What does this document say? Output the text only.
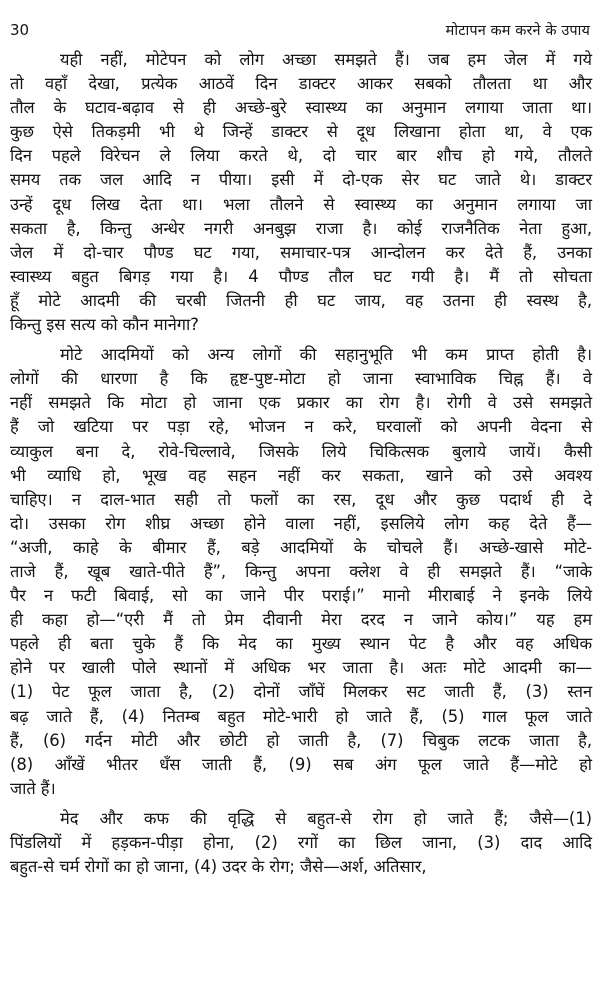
30	मोटापन कम करने के उपाय
यही नहीं, मोटेपन को लोग अच्छा समझते हैं। जब हम जेल में गये
तो वहाँ देखा, प्रत्येक आठवें दिन डाक्टर आकर सबको तौलता था और
तौल के घटाव-बढ़ाव से ही अच्छे-बुरे स्वास्थ्य का अनुमान लगाया जाता था।
कुछ ऐसे तिकड़मी भी थे जिन्हें डाक्टर से दूध लिखाना होता था, वे एक
दिन पहले विरेचन ले लिया करते थे, दो चार बार शौच हो गये, तौलते
समय तक जल आदि न पीया। इसी में दो-एक सेर घट जाते थे। डाक्टर
उन्हें दूध लिख देता था। भला तौलने से स्वास्थ्य का अनुमान लगाया जा
सकता है, किन्तु अन्धेर नगरी अनबुझ राजा है। कोई राजनैतिक नेता हुआ,
जेल में दो-चार पौण्ड घट गया, समाचार-पत्र आन्दोलन कर देते हैं, उनका
स्वास्थ्य बहुत बिगड़ गया है। 4 पौण्ड तौल घट गयी है। मैं तो सोचता
हूँ मोटे आदमी की चरबी जितनी ही घट जाय, वह उतना ही स्वस्थ है,
किन्तु इस सत्य को कौन मानेगा?
मोटे आदमियों को अन्य लोगों की सहानुभूति भी कम प्राप्त होती है।
लोगों की धारणा है कि हृष्ट-पुष्ट-मोटा हो जाना स्वाभाविक चिह्न हैं। वे
नहीं समझते कि मोटा हो जाना एक प्रकार का रोग है। रोगी वे उसे समझते
हैं जो खटिया पर पड़ा रहे, भोजन न करे, घरवालों को अपनी वेदना से
व्याकुल बना दे, रोवे-चिल्लावे, जिसके लिये चिकित्सक बुलाये जायें। कैसी
भी व्याधि हो, भूख वह सहन नहीं कर सकता, खाने को उसे अवश्य
चाहिए। न दाल-भात सही तो फलों का रस, दूध और कुछ पदार्थ ही दे
दो। उसका रोग शीघ्र अच्छा होने वाला नहीं, इसलिये लोग कह देते हैं—
“अजी, काहे के बीमार हैं, बड़े आदमियों के चोचले हैं। अच्छे-खासे मोटे-
ताजे हैं, खूब खाते-पीते हैं”, किन्तु अपना क्लेश वे ही समझते हैं। “जाके
पैर न फटी बिवाई, सो का जाने पीर पराई।” मानो मीराबाई ने इनके लिये
ही कहा हो—“एरी मैं तो प्रेम दीवानी मेरा दरद न जाने कोय।” यह हम
पहले ही बता चुके हैं कि मेद का मुख्य स्थान पेट है और वह अधिक
होने पर खाली पोले स्थानों में अधिक भर जाता है। अतः मोटे आदमी का—
(1) पेट फूल जाता है, (2) दोनों जाँघें मिलकर सट जाती हैं, (3) स्तन
बढ़ जाते हैं, (4) नितम्ब बहुत मोटे-भारी हो जाते हैं, (5) गाल फूल जाते
हैं, (6) गर्दन मोटी और छोटी हो जाती है, (7) चिबुक लटक जाता है,
(8) आँखें भीतर धँस जाती हैं, (9) सब अंग फूल जाते हैं—मोटे हो
जाते हैं।
मेद और कफ की वृद्धि से बहुत-से रोग हो जाते हैं; जैसे—(1)
पिंडलियों में हड़कन-पीड़ा होना, (2) रगों का छिल जाना, (3) दाद आदि
बहुत-से चर्म रोगों का हो जाना, (4) उदर के रोग; जैसे—अर्श, अतिसार,
